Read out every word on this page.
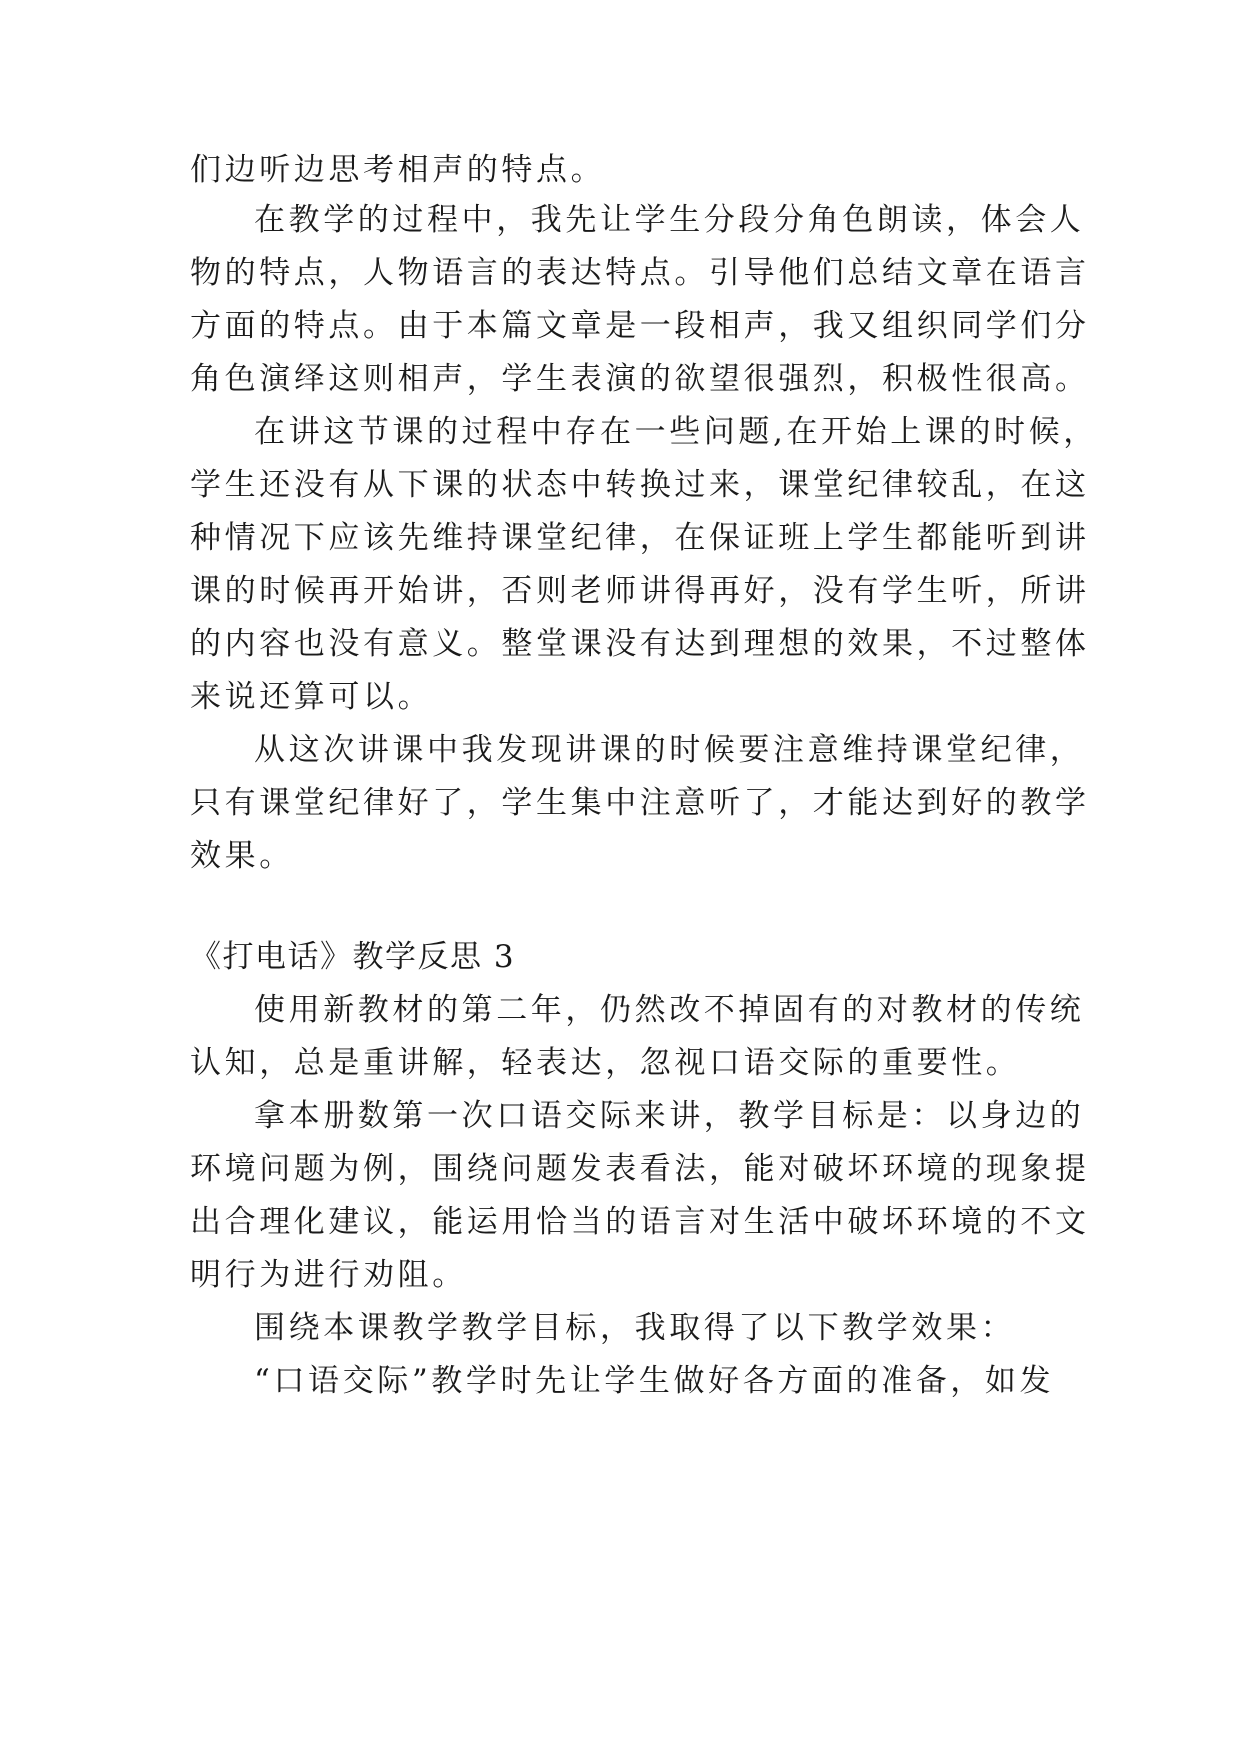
们边听边思考相声的特点。
在教学的过程中，我先让学生分段分角色朗读，体会人
物的特点，人物语言的表达特点。引导他们总结文章在语言
方面的特点。由于本篇文章是一段相声，我又组织同学们分
角色演绎这则相声，学生表演的欲望很强烈，积极性很高。
在讲这节课的过程中存在一些问题,在开始上课的时候，
学生还没有从下课的状态中转换过来，课堂纪律较乱，在这
种情况下应该先维持课堂纪律，在保证班上学生都能听到讲
课的时候再开始讲，否则老师讲得再好，没有学生听，所讲
的内容也没有意义。整堂课没有达到理想的效果，不过整体
来说还算可以。
从这次讲课中我发现讲课的时候要注意维持课堂纪律，
只有课堂纪律好了，学生集中注意听了，才能达到好的教学
效果。
《打电话》教学反思 3
使用新教材的第二年，仍然改不掉固有的对教材的传统
认知，总是重讲解，轻表达，忽视口语交际的重要性。
拿本册数第一次口语交际来讲，教学目标是：以身边的
环境问题为例，围绕问题发表看法，能对破坏环境的现象提
出合理化建议，能运用恰当的语言对生活中破坏环境的不文
明行为进行劝阻。
围绕本课教学教学目标，我取得了以下教学效果：
“口语交际”教学时先让学生做好各方面的准备，如发
